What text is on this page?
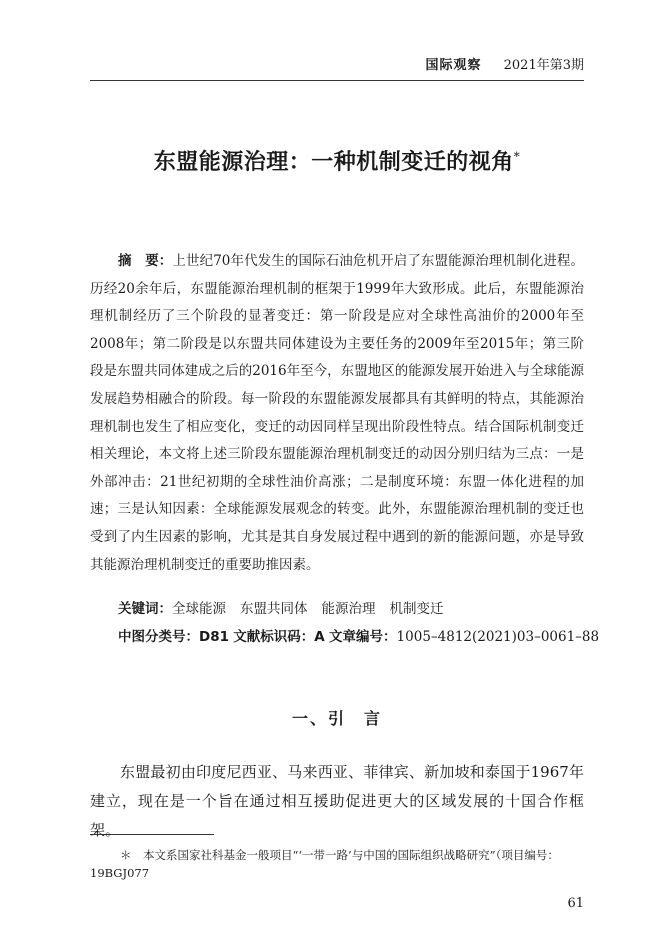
国际观察 2021年第3期
东盟能源治理：一种机制变迁的视角*

摘　要：上世纪70年代发生的国际石油危机开启了东盟能源治理机制化进程。历经20余年后，东盟能源治理机制的框架于1999年大致形成。此后，东盟能源治理机制经历了三个阶段的显著变迁：第一阶段是应对全球性高油价的2000年至2008年；第二阶段是以东盟共同体建设为主要任务的2009年至2015年；第三阶段是东盟共同体建成之后的2016年至今，东盟地区的能源发展开始进入与全球能源发展趋势相融合的阶段。每一阶段的东盟能源发展都具有其鲜明的特点，其能源治理机制也发生了相应变化，变迁的动因同样呈现出阶段性特点。结合国际机制变迁相关理论，本文将上述三阶段东盟能源治理机制变迁的动因分别归结为三点：一是外部冲击：21世纪初期的全球性油价高涨；二是制度环境：东盟一体化进程的加速；三是认知因素：全球能源发展观念的转变。此外，东盟能源治理机制的变迁也受到了内生因素的影响，尤其是其自身发展过程中遇到的新的能源问题，亦是导致其能源治理机制变迁的重要助推因素。

关键词：全球能源 东盟共同体 能源治理 机制变迁
中图分类号：D81 文献标识码：A 文章编号：1005–4812(2021)03–0061–88
一、引　言

东盟最初由印度尼西亚、马来西亚、菲律宾、新加坡和泰国于1967年建立，现在是一个旨在通过相互援助促进更大的区域发展的十国合作框架。

＊　本文系国家社科基金一般项目“‘一带一路’与中国的国际组织战略研究”（项目编号：19BGJ077

61
